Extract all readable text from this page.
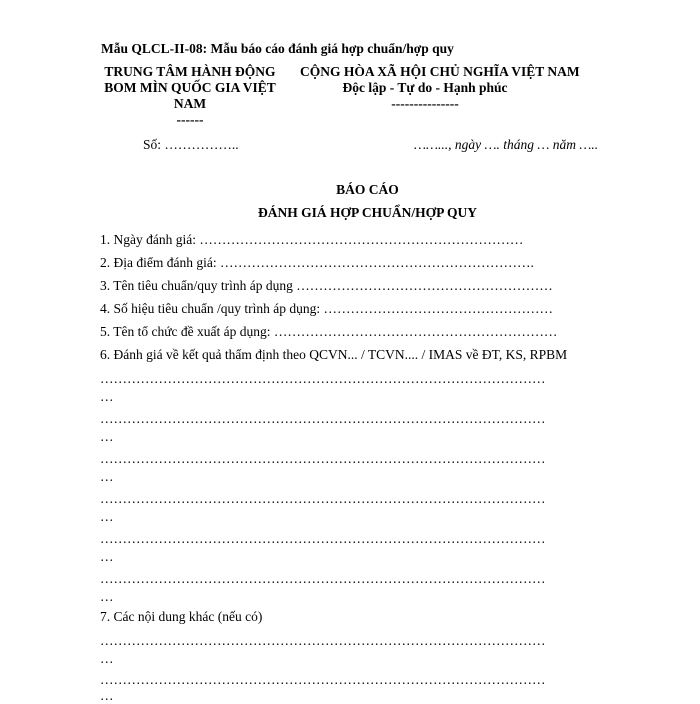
Mẫu QLCL-II-08: Mẫu báo cáo đánh giá hợp chuẩn/hợp quy
TRUNG TÂM HÀNH ĐỘNG
BOM MÌN QUỐC GIA VIỆT
NAM
------
CỘNG HÒA XÃ HỘI CHỦ NGHĨA VIỆT NAM
Độc lập - Tự do - Hạnh phúc
---------------
Số: ……………..	……..., ngày …. tháng … năm …..
BÁO CÁO
ĐÁNH GIÁ HỢP CHUẨN/HỢP QUY
1. Ngày đánh giá: ………………………………………………………………
2. Địa điểm đánh giá: …………………………………………………………….
3. Tên tiêu chuẩn/quy trình áp dụng …………………………………………………
4. Số hiệu tiêu chuẩn /quy trình áp dụng: ……………………………………………
5. Tên tổ chức đề xuất áp dụng: ………………………………………………………
6. Đánh giá về kết quả thẩm định theo QCVN... / TCVN.... / IMAS về ĐT, KS, RPBM
………………………………………………………………………………………
…
………………………………………………………………………………………
…
………………………………………………………………………………………
…
………………………………………………………………………………………
…
………………………………………………………………………………………
…
………………………………………………………………………………………
…
7. Các nội dung khác (nếu có)
………………………………………………………………………………………
…
………………………………………………………………………………………
…
